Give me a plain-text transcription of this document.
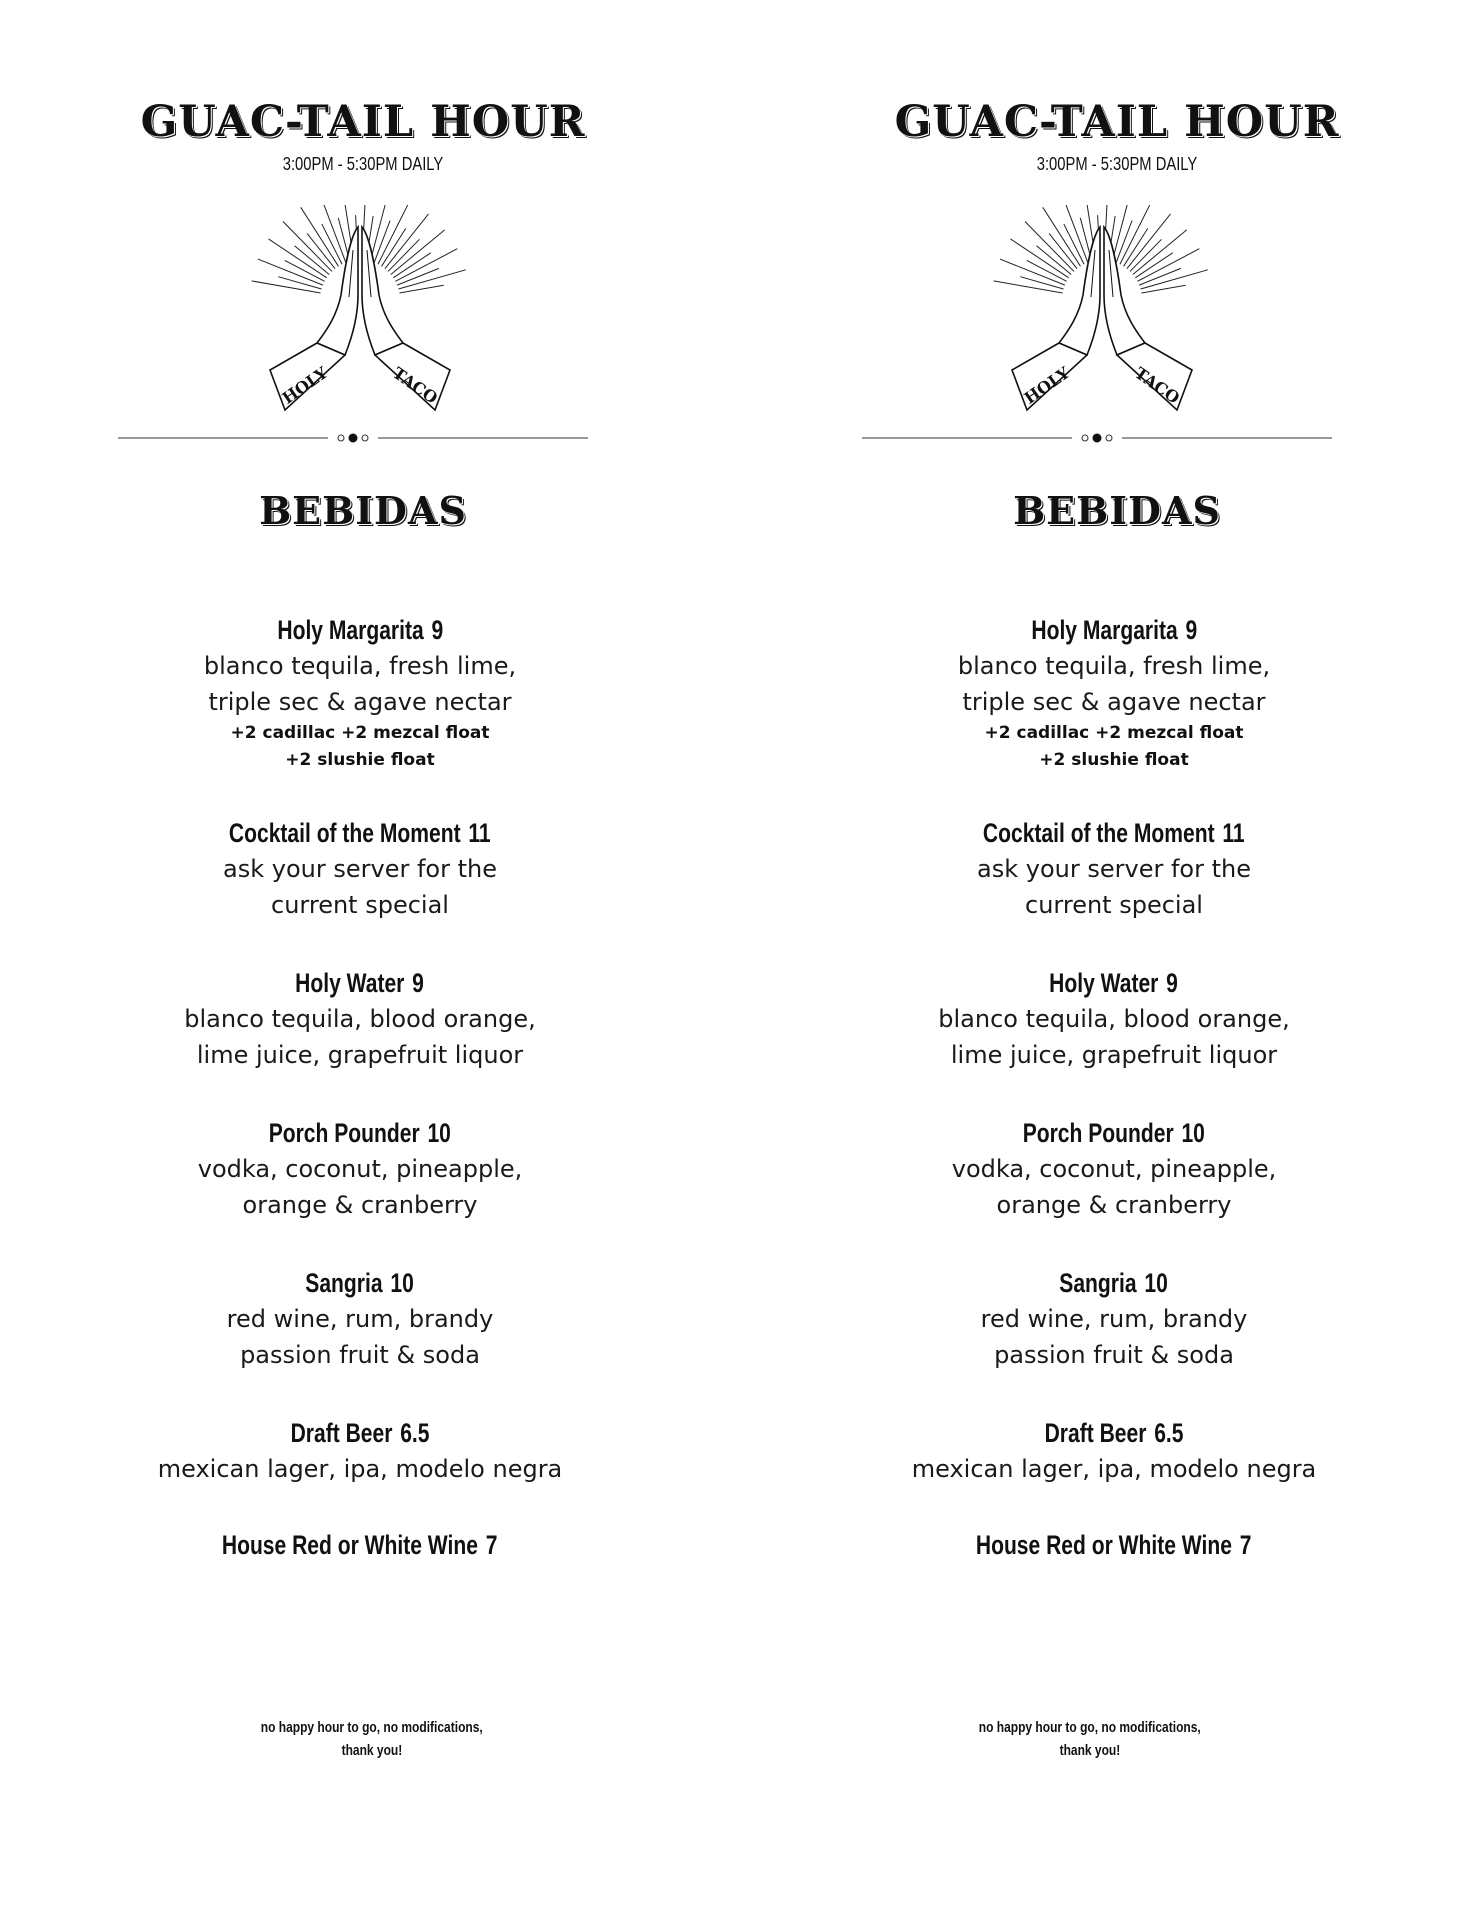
GUAC-TAIL HOUR
3:00PM - 5:30PM DAILY
HOLY	TACO
BEBIDAS
Holy Margarita 9
blanco tequila, fresh lime,
triple sec & agave nectar
+2 cadillac +2 mezcal float
+2 slushie float
Cocktail of the Moment 11
ask your server for the
current special
Holy Water 9
blanco tequila, blood orange,
lime juice, grapefruit liquor
Porch Pounder 10
vodka, coconut, pineapple,
orange & cranberry
Sangria 10
red wine, rum, brandy
passion fruit & soda
Draft Beer 6.5
mexican lager, ipa, modelo negra
House Red or White Wine 7
no happy hour to go, no modifications,
thank you!
GUAC-TAIL HOUR
3:00PM - 5:30PM DAILY
HOLY	TACO
BEBIDAS
Holy Margarita 9
blanco tequila, fresh lime,
triple sec & agave nectar
+2 cadillac +2 mezcal float
+2 slushie float
Cocktail of the Moment 11
ask your server for the
current special
Holy Water 9
blanco tequila, blood orange,
lime juice, grapefruit liquor
Porch Pounder 10
vodka, coconut, pineapple,
orange & cranberry
Sangria 10
red wine, rum, brandy
passion fruit & soda
Draft Beer 6.5
mexican lager, ipa, modelo negra
House Red or White Wine 7
no happy hour to go, no modifications,
thank you!
